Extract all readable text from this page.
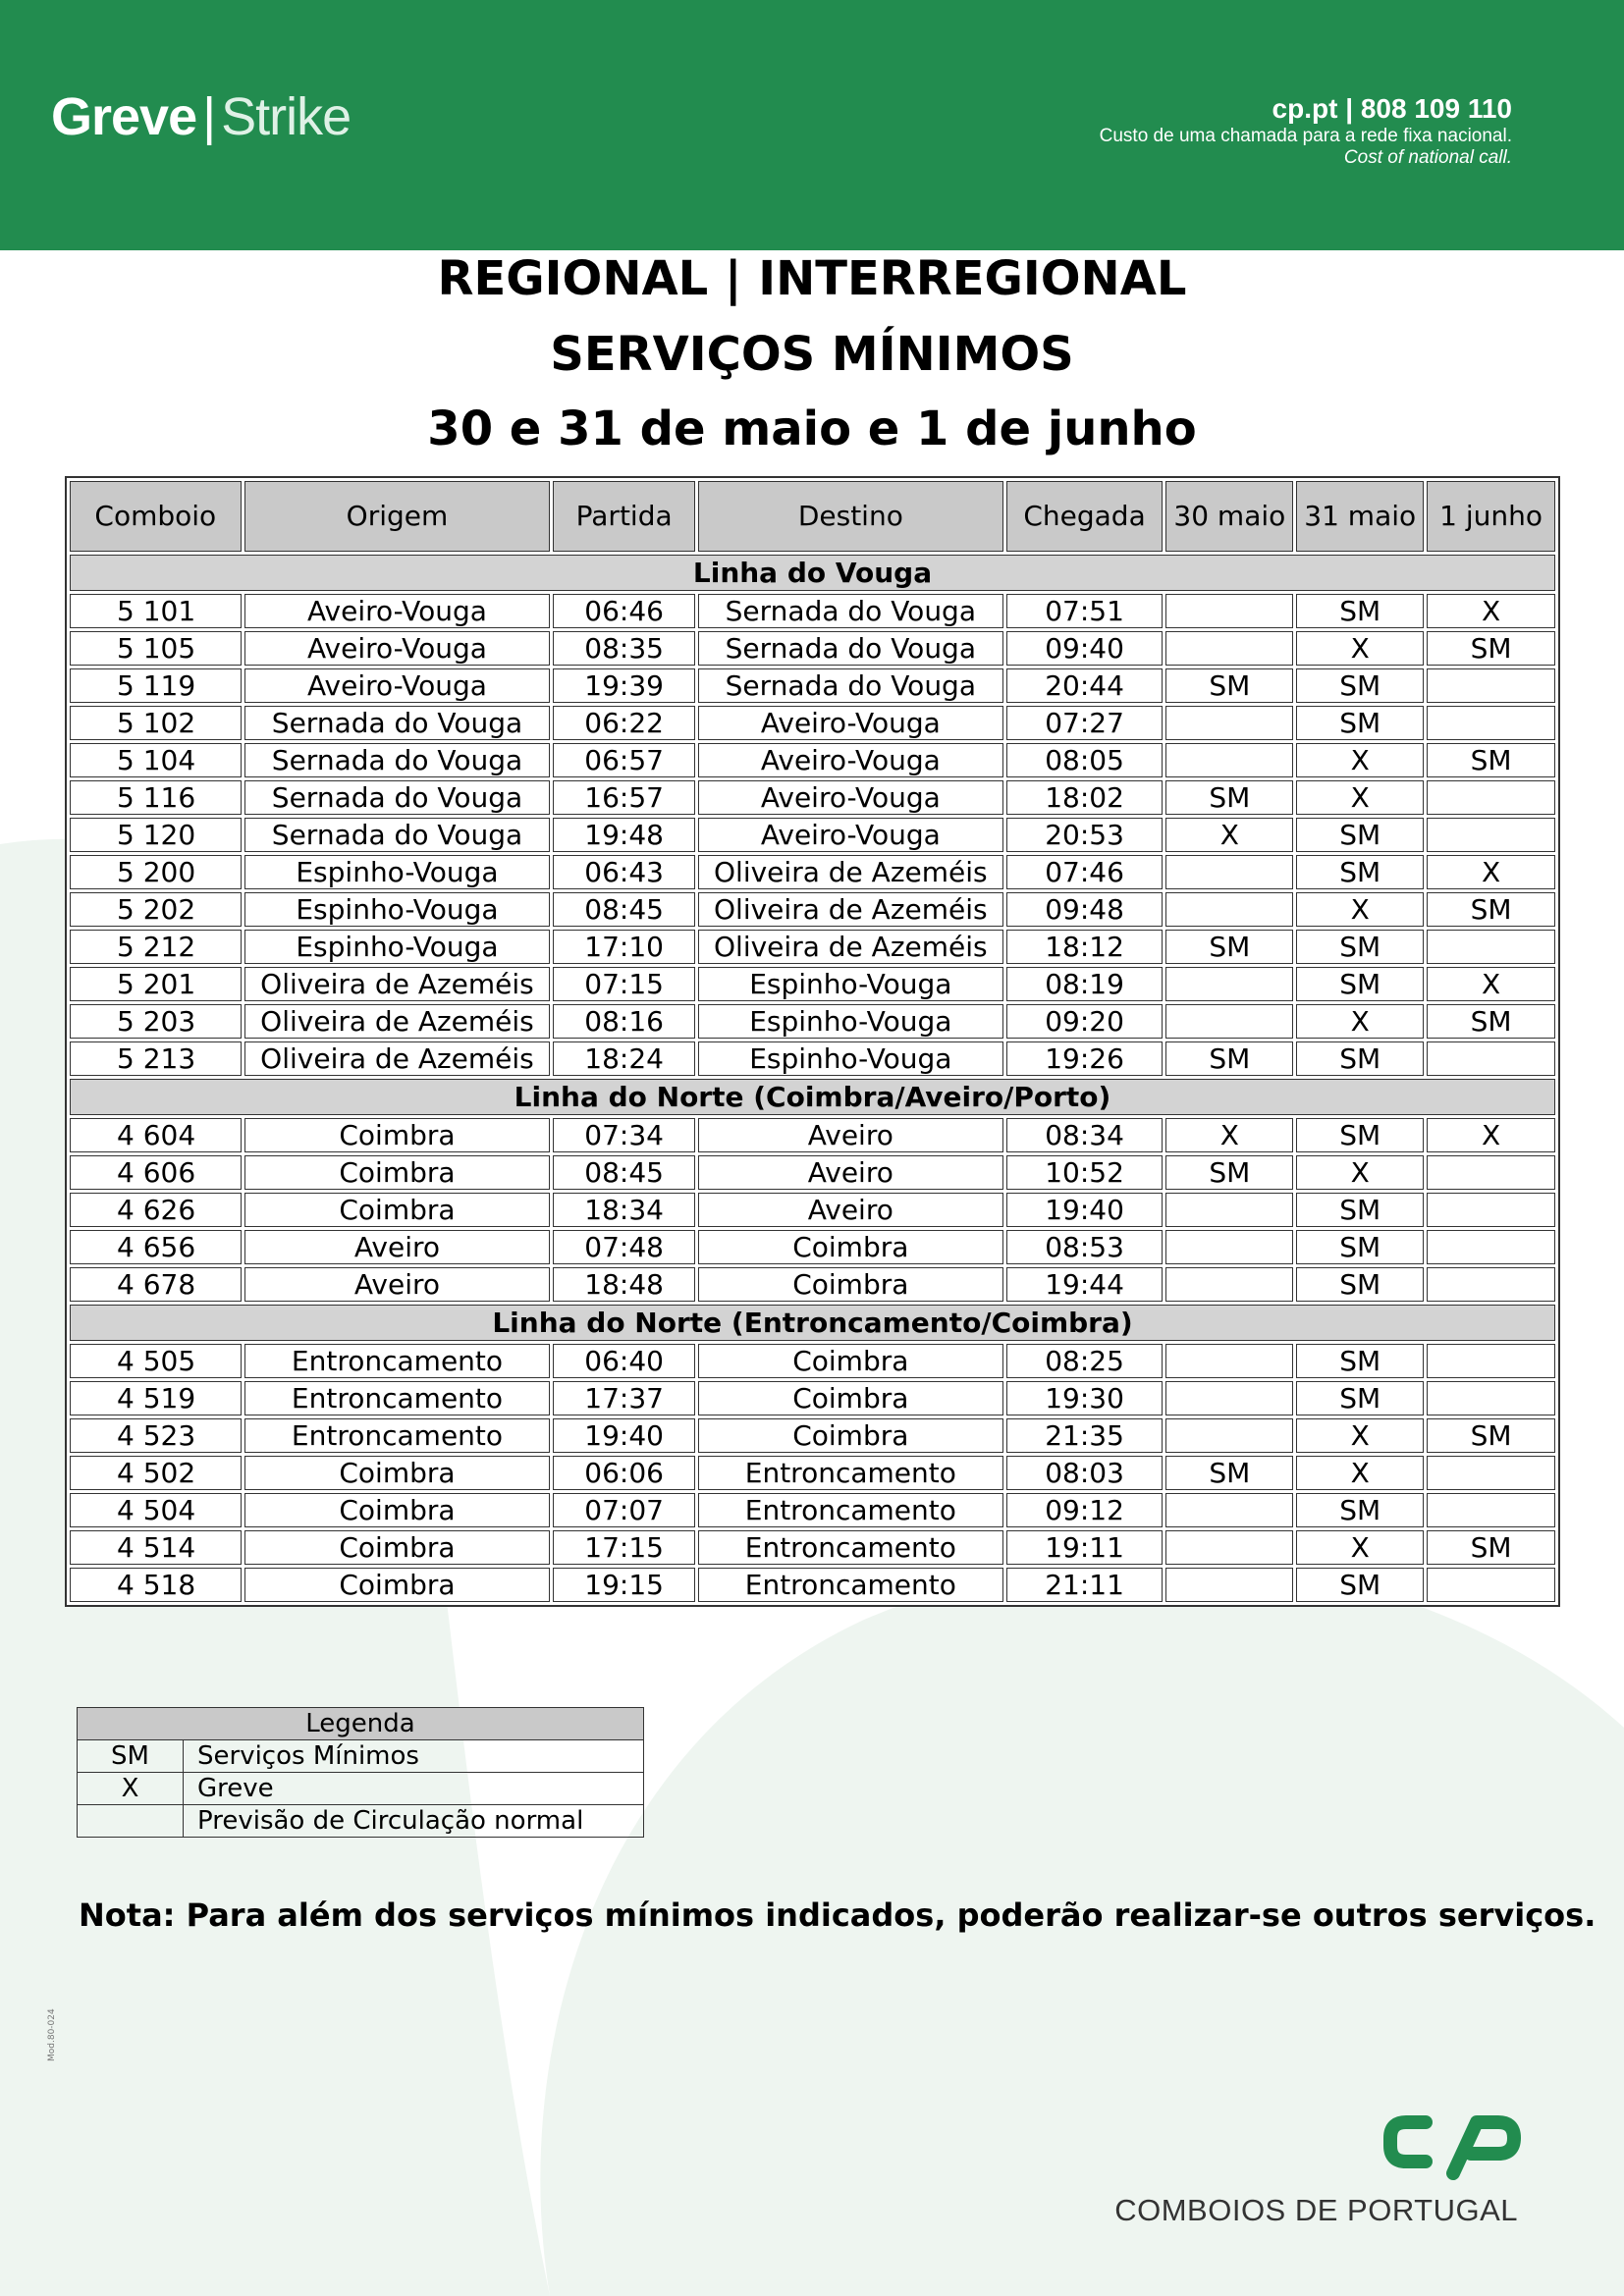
Greve | Strike	cp.pt | 808 109 110
Custo de uma chamada para a rede fixa nacional.
Cost of national call.
REGIONAL | INTERREGIONAL
SERVIÇOS MÍNIMOS
30 e 31 de maio e 1 de junho
Comboio	Origem	Partida	Destino	Chegada	30 maio	31 maio	1 junho
Linha do Vouga							
5 101	Aveiro-Vouga	06:46	Sernada do Vouga	07:51		SM	X
5 105	Aveiro-Vouga	08:35	Sernada do Vouga	09:40		X	SM
5 119	Aveiro-Vouga	19:39	Sernada do Vouga	20:44	SM	SM	
5 102	Sernada do Vouga	06:22	Aveiro-Vouga	07:27		SM	
5 104	Sernada do Vouga	06:57	Aveiro-Vouga	08:05		X	SM
5 116	Sernada do Vouga	16:57	Aveiro-Vouga	18:02	SM	X	
5 120	Sernada do Vouga	19:48	Aveiro-Vouga	20:53	X	SM	
5 200	Espinho-Vouga	06:43	Oliveira de Azeméis	07:46		SM	X
5 202	Espinho-Vouga	08:45	Oliveira de Azeméis	09:48		X	SM
5 212	Espinho-Vouga	17:10	Oliveira de Azeméis	18:12	SM	SM	
5 201	Oliveira de Azeméis	07:15	Espinho-Vouga	08:19		SM	X
5 203	Oliveira de Azeméis	08:16	Espinho-Vouga	09:20		X	SM
5 213	Oliveira de Azeméis	18:24	Espinho-Vouga	19:26	SM	SM	
Linha do Norte (Coimbra/Aveiro/Porto)							
4 604	Coimbra	07:34	Aveiro	08:34	X	SM	X
4 606	Coimbra	08:45	Aveiro	10:52	SM	X	
4 626	Coimbra	18:34	Aveiro	19:40		SM	
4 656	Aveiro	07:48	Coimbra	08:53		SM	
4 678	Aveiro	18:48	Coimbra	19:44		SM	
Linha do Norte (Entroncamento/Coimbra)							
4 505	Entroncamento	06:40	Coimbra	08:25		SM	
4 519	Entroncamento	17:37	Coimbra	19:30		SM	
4 523	Entroncamento	19:40	Coimbra	21:35		X	SM
4 502	Coimbra	06:06	Entroncamento	08:03	SM	X	
4 504	Coimbra	07:07	Entroncamento	09:12		SM	
4 514	Coimbra	17:15	Entroncamento	19:11		X	SM
4 518	Coimbra	19:15	Entroncamento	21:11		SM	
Legenda	
SM	Serviços Mínimos
X	Greve
	Previsão de Circulação normal
Nota: Para além dos serviços mínimos indicados, poderão realizar-se outros serviços.
Mod.80-024
COMBOIOS DE PORTUGAL
